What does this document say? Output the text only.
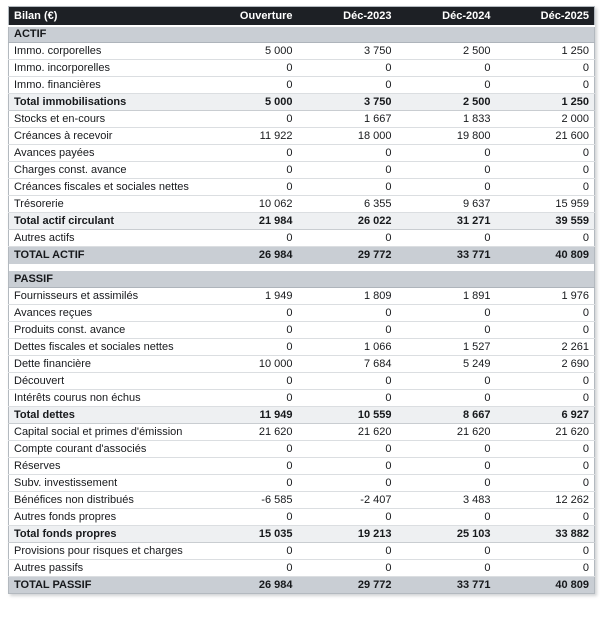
Bilan (€)	Ouverture	Déc-2023	Déc-2024	Déc-2025
ACTIF				
Immo. corporelles	5 000	3 750	2 500	1 250
Immo. incorporelles	0	0	0	0
Immo. financières	0	0	0	0
Total immobilisations	5 000	3 750	2 500	1 250
Stocks et en-cours	0	1 667	1 833	2 000
Créances à recevoir	11 922	18 000	19 800	21 600
Avances payées	0	0	0	0
Charges const. avance	0	0	0	0
Créances fiscales et sociales nettes	0	0	0	0
Trésorerie	10 062	6 355	9 637	15 959
Total actif circulant	21 984	26 022	31 271	39 559
Autres actifs	0	0	0	0
TOTAL ACTIF	26 984	29 772	33 771	40 809

PASSIF				
Fournisseurs et assimilés	1 949	1 809	1 891	1 976
Avances reçues	0	0	0	0
Produits const. avance	0	0	0	0
Dettes fiscales et sociales nettes	0	1 066	1 527	2 261
Dette financière	10 000	7 684	5 249	2 690
Découvert	0	0	0	0
Intérêts courus non échus	0	0	0	0
Total dettes	11 949	10 559	8 667	6 927
Capital social et primes d'émission	21 620	21 620	21 620	21 620
Compte courant d'associés	0	0	0	0
Réserves	0	0	0	0
Subv. investissement	0	0	0	0
Bénéfices non distribués	-6 585	-2 407	3 483	12 262
Autres fonds propres	0	0	0	0
Total fonds propres	15 035	19 213	25 103	33 882
Provisions pour risques et charges	0	0	0	0
Autres passifs	0	0	0	0
TOTAL PASSIF	26 984	29 772	33 771	40 809
